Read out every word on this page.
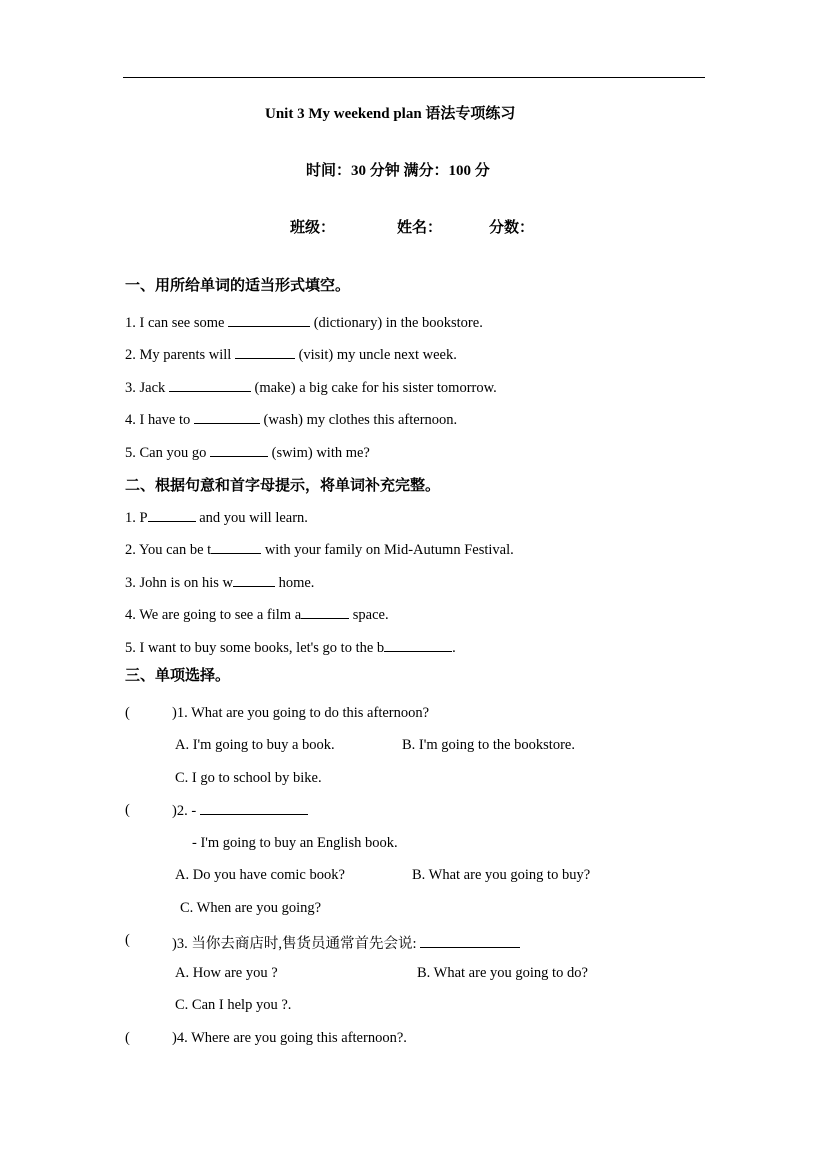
Unit 3 My weekend plan 语法专项练习
时间：30 分钟 满分：100 分
班级：	姓名：	分数：
一、用所给单词的适当形式填空。
1. I can see some	(dictionary) in the bookstore.
2. My parents will	(visit) my uncle next week.
3. Jack	(make) a big cake for his sister tomorrow.
4. I have to	(wash) my clothes this afternoon.
5. Can you go	(swim) with me?
二、根据句意和首字母提示，将单词补充完整。
1. P	and you will learn.
2. You can be t	with your family on Mid-Autumn Festival.
3. John is on his w	home.
4. We are going to see a film a	space.
5. I want to buy some books, let's go to the b	.
三、单项选择。
(	)1. What are you going to do this afternoon?
A. I'm going to buy a book.	B. I'm going to the bookstore.
C. I go to school by bike.
(	)2. -
- I'm going to buy an English book.
A. Do you have comic book?	B. What are you going to buy?
C. When are you going?
(	)3. 当你去商店时,售货员通常首先会说:
A. How are you ?	B. What are you going to do?
C. Can I help you ?.
(	)4. Where are you going this afternoon?.
